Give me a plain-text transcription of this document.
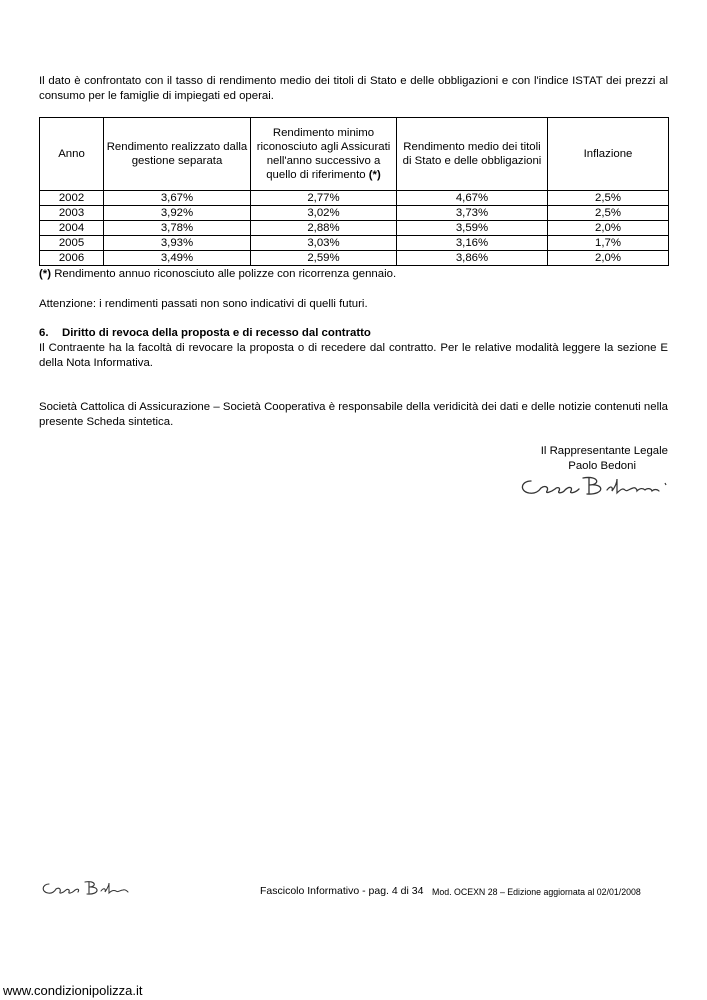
Il dato è confrontato con il tasso di rendimento medio dei titoli di Stato e delle obbligazioni e con l'indice ISTAT dei prezzi al consumo per le famiglie di impiegati ed operai.

Anno	Rendimento realizzato dalla gestione separata	Rendimento minimo riconosciuto agli Assicurati nell'anno successivo a quello di riferimento (*)	Rendimento medio dei titoli di Stato e delle obbligazioni	Inflazione
2002	3,67%	2,77%	4,67%	2,5%
2003	3,92%	3,02%	3,73%	2,5%
2004	3,78%	2,88%	3,59%	2,0%
2005	3,93%	3,03%	3,16%	1,7%
2006	3,49%	2,59%	3,86%	2,0%

(*) Rendimento annuo riconosciuto alle polizze con ricorrenza gennaio.

Attenzione: i rendimenti passati non sono indicativi di quelli futuri.

6. Diritto di revoca della proposta e di recesso dal contratto

Il Contraente ha la facoltà di revocare la proposta o di recedere dal contratto. Per le relative modalità leggere la sezione E della Nota Informativa.

Società Cattolica di Assicurazione – Società Cooperativa è responsabile della veridicità dei dati e delle notizie contenuti nella presente Scheda sintetica.

Il Rappresentante Legale
Paolo Bedoni
Fascicolo Informativo - pag. 4 di 34 Mod. OCEXN 28 – Edizione aggiornata al 02/01/2008
www.condizionipolizza.it
